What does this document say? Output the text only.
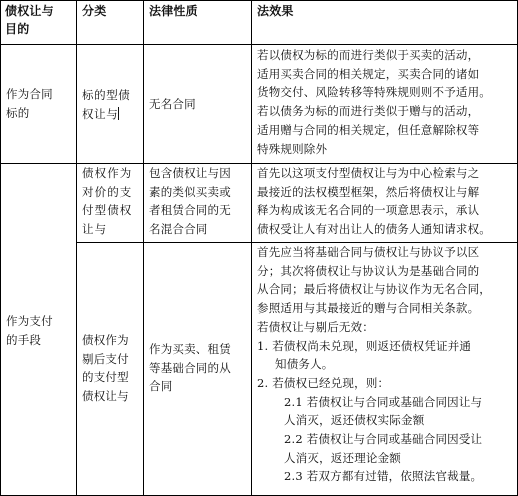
债权让与
目的
分类	法律性质	法效果
作为合同
标的
标的型债
权让与
无名合同
若以债权为标的而进行类似于买卖的活动，
适用买卖合同的相关规定，买卖合同的诸如
货物交付、风险转移等特殊规则则不予适用。
若以债务为标的而进行类似于赠与的活动，
适用赠与合同的相关规定，但任意解除权等
特殊规则除外
作为支付
的手段
债权作为
对价的支
付型债权
让与
包含债权让与因
素的类似买卖或
者租赁合同的无
名混合合同
首先以这项支付型债权让与为中心检索与之
最接近的法权模型框架，然后将债权让与解
释为构成该无名合同的一项意思表示，承认
债权受让人有对出让人的债务人通知请求权。
债权作为
剔后支付
的支付型
债权让与
作为买卖、租赁
等基础合同的从
合同
首先应当将基础合同与债权让与协议予以区
分；其次将债权让与协议认为是基础合同的
从合同；最后将债权让与协议作为无名合同，
参照适用与其最接近的赠与合同相关条款。
若债权让与剔后无效：
1. 若债权尚未兑现，则返还债权凭证并通
知债务人。
2. 若债权已经兑现，则：
2.1 若债权让与合同或基础合同因让与
人消灭，返还债权实际金额
2.2 若债权让与合同或基础合同因受让
人消灭，返还理论金额
2.3 若双方都有过错，依照法官裁量。
